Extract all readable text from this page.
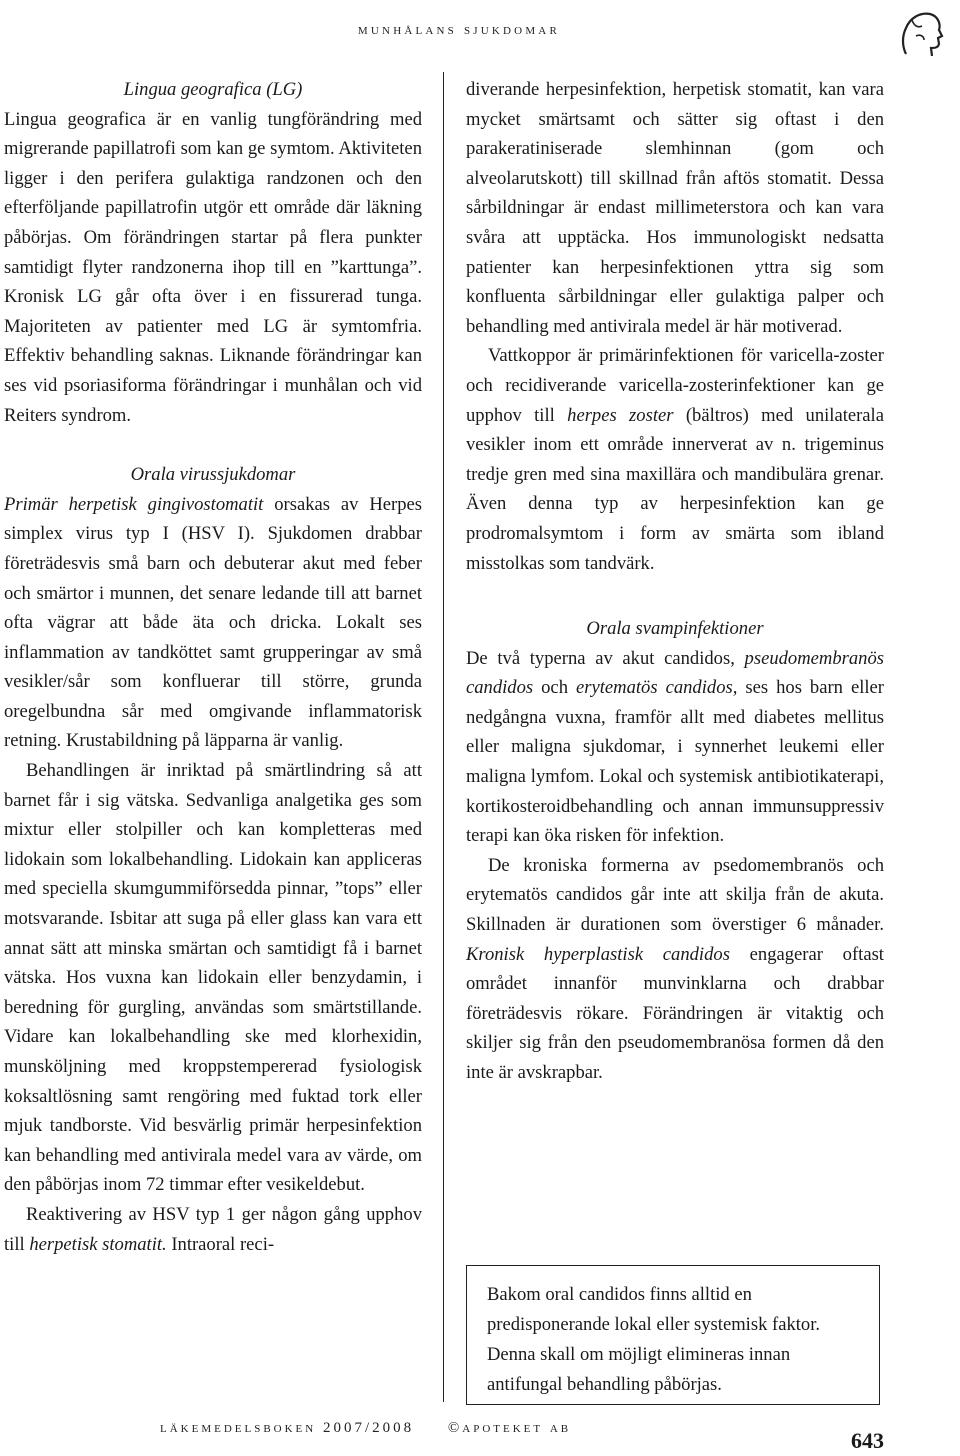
munhålans sjukdomar

Lingua geografica (LG)

Lingua geografica är en vanlig tungförändring med migrerande papillatrofi som kan ge symtom. Aktiviteten ligger i den perifera gulaktiga randzonen och den efterföljande papillatrofin utgör ett område där läkning påbörjas. Om förändringen startar på flera punkter samtidigt flyter randzonerna ihop till en ”karttunga”. Kronisk LG går ofta över i en fissurerad tunga. Majoriteten av patienter med LG är symtomfria. Effektiv behandling saknas. Liknande förändringar kan ses vid psoriasiforma förändringar i munhålan och vid Reiters syndrom.

Orala virussjukdomar

Primär herpetisk gingivostomatit orsakas av Herpes simplex virus typ I (HSV I). Sjukdomen drabbar företrädesvis små barn och debuterar akut med feber och smärtor i munnen, det senare ledande till att barnet ofta vägrar att både äta och dricka. Lokalt ses inflammation av tandköttet samt grupperingar av små vesikler/sår som konfluerar till större, grunda oregelbundna sår med omgivande inflammatorisk retning. Krustabildning på läpparna är vanlig.

Behandlingen är inriktad på smärtlindring så att barnet får i sig vätska. Sedvanliga analgetika ges som mixtur eller stolpiller och kan kompletteras med lidokain som lokalbehandling. Lidokain kan appliceras med speciella skumgummiförsedda pinnar, ”tops” eller motsvarande. Isbitar att suga på eller glass kan vara ett annat sätt att minska smärtan och samtidigt få i barnet vätska. Hos vuxna kan lidokain eller benzydamin, i beredning för gurgling, användas som smärtstillande. Vidare kan lokalbehandling ske med klorhexidin, munsköljning med kroppstempererad fysiologisk koksaltlösning samt rengöring med fuktad tork eller mjuk tandborste. Vid besvärlig primär herpesinfektion kan behandling med antivirala medel vara av värde, om den påbörjas inom 72 timmar efter vesikeldebut.

Reaktivering av HSV typ 1 ger någon gång upphov till herpetisk stomatit. Intraoral reci-

diverande herpesinfektion, herpetisk stomatit, kan vara mycket smärtsamt och sätter sig oftast i den parakeratiniserade slemhinnan (gom och alveolarutskott) till skillnad från aftös stomatit. Dessa sårbildningar är endast millimeterstora och kan vara svåra att upptäcka. Hos immunologiskt nedsatta patienter kan herpesinfektionen yttra sig som konfluenta sårbildningar eller gulaktiga palper och behandling med antivirala medel är här motiverad.

Vattkoppor är primärinfektionen för varicella-zoster och recidiverande varicella-zosterinfektioner kan ge upphov till herpes zoster (bältros) med unilaterala vesikler inom ett område innerverat av n. trigeminus tredje gren med sina maxillära och mandibulära grenar. Även denna typ av herpesinfektion kan ge prodromalsymtom i form av smärta som ibland misstolkas som tandvärk.

Orala svampinfektioner

De två typerna av akut candidos, pseudomembranös candidos och erytematös candidos, ses hos barn eller nedgångna vuxna, framför allt med diabetes mellitus eller maligna sjukdomar, i synnerhet leukemi eller maligna lymfom. Lokal och systemisk antibiotikaterapi, kortikosteroidbehandling och annan immunsuppressiv terapi kan öka risken för infektion.

De kroniska formerna av psedomembranös och erytematös candidos går inte att skilja från de akuta. Skillnaden är durationen som överstiger 6 månader. Kronisk hyperplastisk candidos engagerar oftast området innanför munvinklarna och drabbar företrädesvis rökare. Förändringen är vitaktig och skiljer sig från den pseudomembranösa formen då den inte är avskrapbar.

Bakom oral candidos finns alltid en predisponerande lokal eller systemisk faktor. Denna skall om möjligt elimineras innan antifungal behandling påbörjas.

läkemedelsboken 2007/2008 ©apoteket ab	643
